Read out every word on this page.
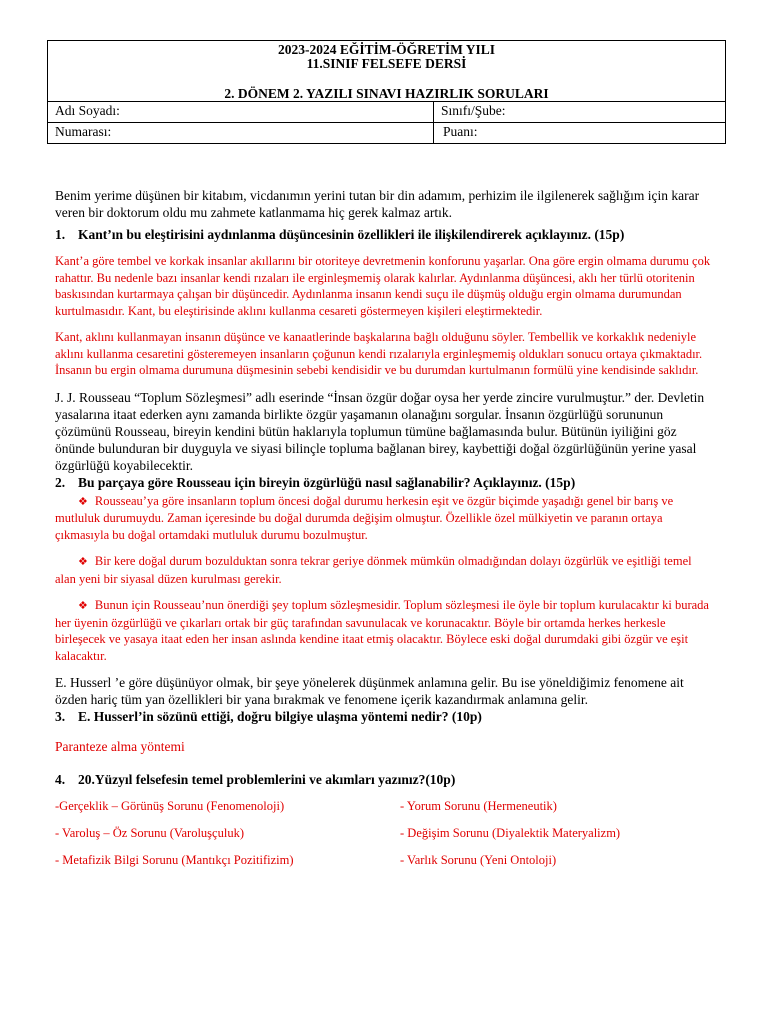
2023-2024 EĞİTİM-ÖĞRETİM YILI
11.SINIF FELSEFE DERSİ
2. DÖNEM 2. YAZILI SINAVI HAZIRLIK SORULARI
Adı Soyadı:	Sınıfı/Şube:
Numarası:	Puanı:

Benim yerime düşünen bir kitabım, vicdanımın yerini tutan bir din adamım, perhizim ile ilgilenerek sağlığım için karar veren bir doktorum oldu mu zahmete katlanmama hiç gerek kalmaz artık.

1. Kant’ın bu eleştirisini aydınlanma düşüncesinin özellikleri ile ilişkilendirerek açıklayınız. (15p)

Kant’a göre tembel ve korkak insanlar akıllarını bir otoriteye devretmenin konforunu yaşarlar. Ona göre ergin olmama durumu çok rahattır. Bu nedenle bazı insanlar kendi rızaları ile erginleşmemiş olarak kalırlar. Aydınlanma düşüncesi, aklı her türlü otoritenin baskısından kurtarmaya çalışan bir düşüncedir. Aydınlanma insanın kendi suçu ile düşmüş olduğu ergin olmama durumundan kurtulmasıdır. Kant, bu eleştirisinde aklını kullanma cesareti göstermeyen kişileri eleştirmektedir.

Kant, aklını kullanmayan insanın düşünce ve kanaatlerinde başkalarına bağlı olduğunu söyler. Tembellik ve korkaklık nedeniyle aklını kullanma cesaretini gösteremeyen insanların çoğunun kendi rızalarıyla erginleşmemiş oldukları sonucu ortaya çıkmaktadır. İnsanın bu ergin olmama durumuna düşmesinin sebebi kendisidir ve bu durumdan kurtulmanın formülü yine kendisinde saklıdır.

J. J. Rousseau “Toplum Sözleşmesi” adlı eserinde “İnsan özgür doğar oysa her yerde zincire vurulmuştur.” der. Devletin yasalarına itaat ederken aynı zamanda birlikte özgür yaşamanın olanağını sorgular. İnsanın özgürlüğü sorununun çözümünü Rousseau, bireyin kendini bütün haklarıyla toplumun tümüne bağlamasında bulur. Bütünün iyiliğini göz önünde bulunduran bir duyguyla ve siyasi bilinçle topluma bağlanan birey, kaybettiği doğal özgürlüğünün yerine yasal özgürlüğü koyabilecektir.

2. Bu parçaya göre Rousseau için bireyin özgürlüğü nasıl sağlanabilir? Açıklayınız. (15p)

❖ Rousseau’ya göre insanların toplum öncesi doğal durumu herkesin eşit ve özgür biçimde yaşadığı genel bir barış ve mutluluk durumuydu. Zaman içeresinde bu doğal durumda değişim olmuştur. Özellikle özel mülkiyetin ve paranın ortaya çıkmasıyla bu doğal ortamdaki mutluluk durumu bozulmuştur.

❖ Bir kere doğal durum bozulduktan sonra tekrar geriye dönmek mümkün olmadığından dolayı özgürlük ve eşitliği temel alan yeni bir siyasal düzen kurulması gerekir.

❖ Bunun için Rousseau’nun önerdiği şey toplum sözleşmesidir. Toplum sözleşmesi ile öyle bir toplum kurulacaktır ki burada her üyenin özgürlüğü ve çıkarları ortak bir güç tarafından savunulacak ve korunacaktır. Böyle bir ortamda herkes herkesle birleşecek ve yasaya itaat eden her insan aslında kendine itaat etmiş olacaktır. Böylece eski doğal durumdaki gibi özgür ve eşit kalacaktır.

E. Husserl ’e göre düşünüyor olmak, bir şeye yönelerek düşünmek anlamına gelir. Bu ise yöneldiğimiz fenomene ait özden hariç tüm yan özellikleri bir yana bırakmak ve fenomene içerik kazandırmak anlamına gelir.

3. E. Husserl’in sözünü ettiği, doğru bilgiye ulaşma yöntemi nedir? (10p)

Paranteze alma yöntemi

4. 20.Yüzyıl felsefesin temel problemlerini ve akımları yazınız?(10p)

-Gerçeklik – Görünüş Sorunu (Fenomenoloji)	- Yorum Sorunu (Hermeneutik)
- Varoluş – Öz Sorunu (Varoluşçuluk)	- Değişim Sorunu (Diyalektik Materyalizm)
- Metafizik Bilgi Sorunu (Mantıkçı Pozitifizim)	- Varlık Sorunu (Yeni Ontoloji)
